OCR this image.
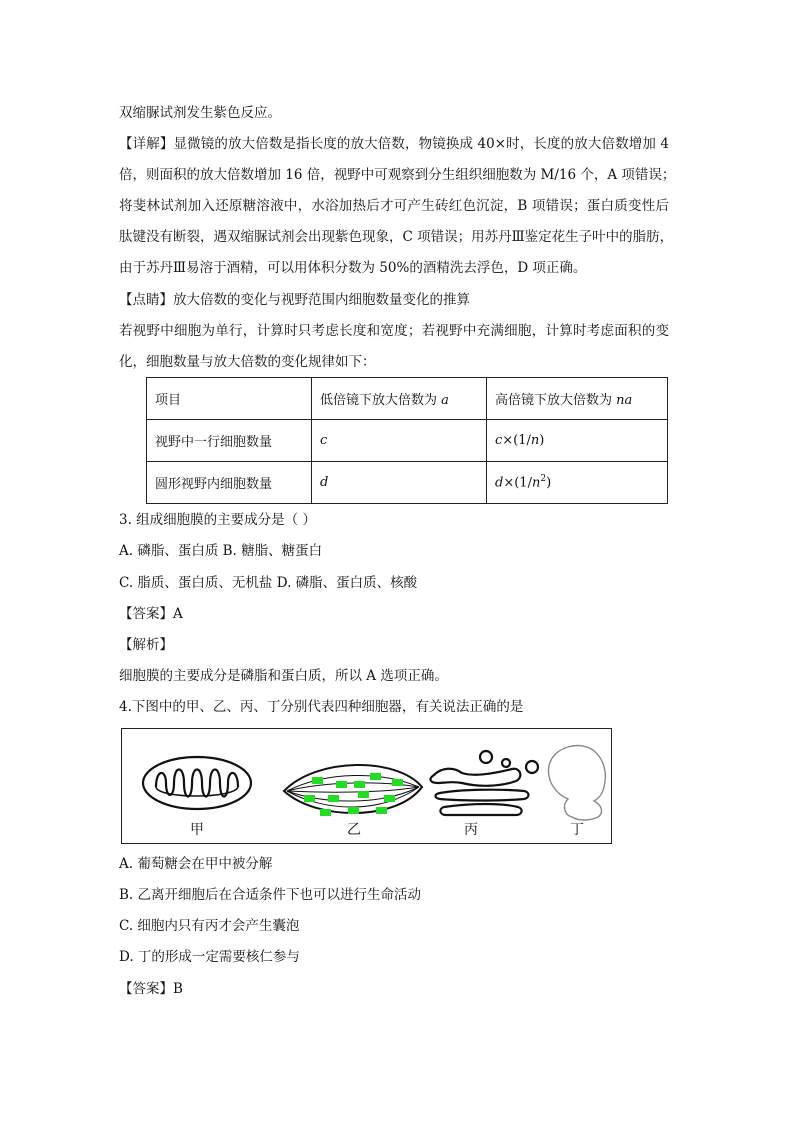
双缩脲试剂发生紫色反应。
【详解】显微镜的放大倍数是指长度的放大倍数，物镜换成 40×时，长度的放大倍数增加 4
倍，则面积的放大倍数增加 16 倍，视野中可观察到分生组织细胞数为 M/16 个，A 项错误；
将斐林试剂加入还原糖溶液中，水浴加热后才可产生砖红色沉淀，B 项错误；蛋白质变性后
肽键没有断裂，遇双缩脲试剂会出现紫色现象，C 项错误；用苏丹Ⅲ鉴定花生子叶中的脂肪，
由于苏丹Ⅲ易溶于酒精，可以用体积分数为 50%的酒精洗去浮色，D 项正确。
【点睛】放大倍数的变化与视野范围内细胞数量变化的推算
若视野中细胞为单行，计算时只考虑长度和宽度；若视野中充满细胞，计算时考虑面积的变
化，细胞数量与放大倍数的变化规律如下：
项目	低倍镜下放大倍数为 a	高倍镜下放大倍数为 na
视野中一行细胞数量	c	c×(1/n)
圆形视野内细胞数量	d	$d\times(1/n^2)$
3. 组成细胞膜的主要成分是（ ）
A. 磷脂、蛋白质 B. 糖脂、糖蛋白
C. 脂质、蛋白质、无机盐 D. 磷脂、蛋白质、核酸
【答案】A
【解析】
细胞膜的主要成分是磷脂和蛋白质，所以 A 选项正确。
4.下图中的甲、乙、丙、丁分别代表四种细胞器，有关说法正确的是
甲	乙	丙	丁
A. 葡萄糖会在甲中被分解
B. 乙离开细胞后在合适条件下也可以进行生命活动
C. 细胞内只有丙才会产生囊泡
D. 丁的形成一定需要核仁参与
【答案】B
